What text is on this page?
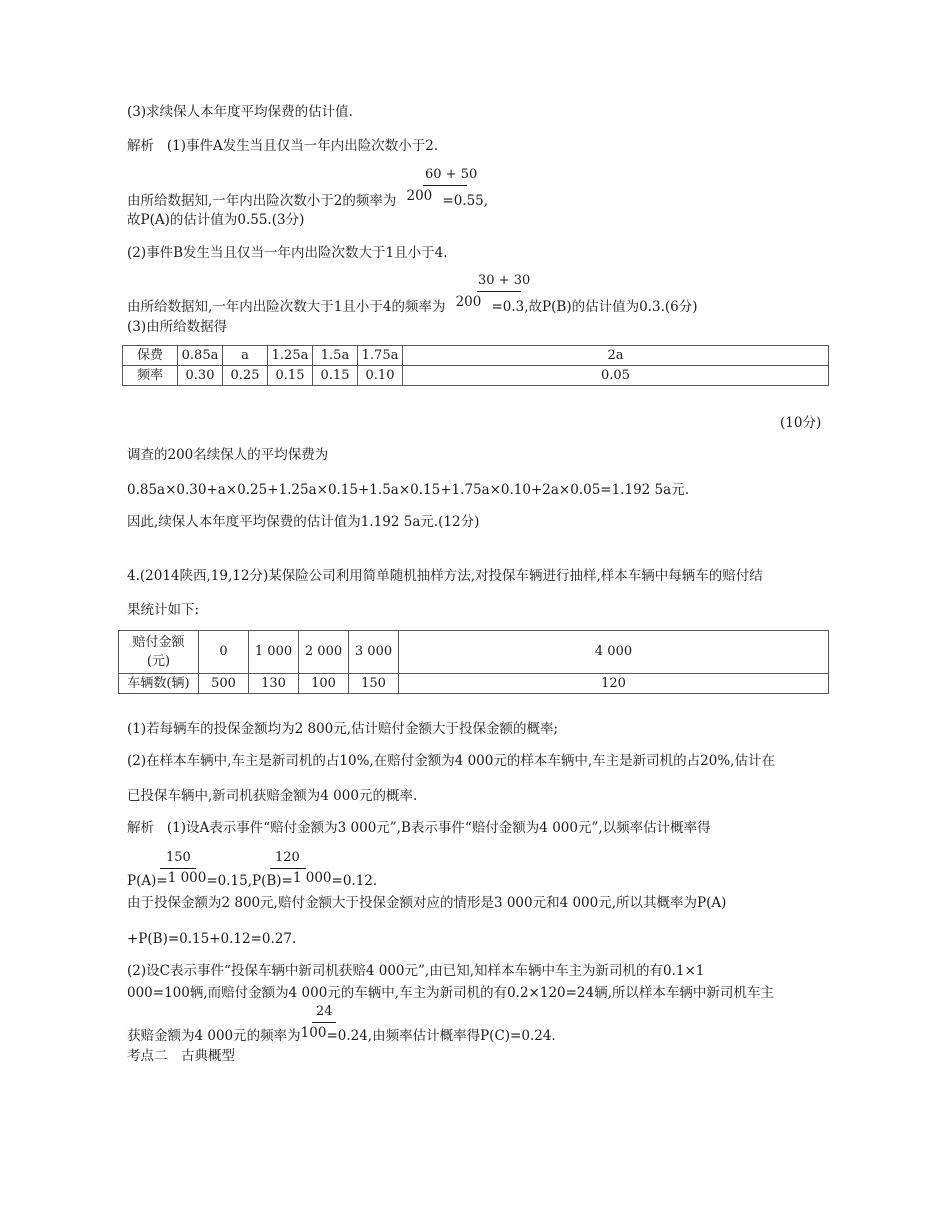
(3)求续保人本年度平均保费的估计值.
解析 (1)事件A发生当且仅当一年内出险次数小于2.
60 + 50
由所给数据知,一年内出险次数小于2的频率为 200 =0.55,
故P(A)的估计值为0.55.(3分)
(2)事件B发生当且仅当一年内出险次数大于1且小于4.
30 + 30
由所给数据知,一年内出险次数大于1且小于4的频率为 200 =0.3,故P(B)的估计值为0.3.(6分)
(3)由所给数据得
保费	0.85a	a	1.25a	1.5a	1.75a	2a
频率	0.30	0.25	0.15	0.15	0.10	0.05
(10分)
调查的200名续保人的平均保费为
0.85a×0.30+a×0.25+1.25a×0.15+1.5a×0.15+1.75a×0.10+2a×0.05=1.192 5a元.
因此,续保人本年度平均保费的估计值为1.192 5a元.(12分)
4.(2014陕西,19,12分)某保险公司利用简单随机抽样方法,对投保车辆进行抽样,样本车辆中每辆车的赔付结
果统计如下:
赔付金额
(元)	0	1 000	2 000	3 000	4 000
车辆数(辆)	500	130	100	150	120
(1)若每辆车的投保金额均为2 800元,估计赔付金额大于投保金额的概率;
(2)在样本车辆中,车主是新司机的占10%,在赔付金额为4 000元的样本车辆中,车主是新司机的占20%,估计在
已投保车辆中,新司机获赔金额为4 000元的概率.
解析 (1)设A表示事件“赔付金额为3 000元”,B表示事件“赔付金额为4 000元”,以频率估计概率得
150	120
P(A)=1 000=0.15,P(B)=1 000=0.12.
由于投保金额为2 800元,赔付金额大于投保金额对应的情形是3 000元和4 000元,所以其概率为P(A)
+P(B)=0.15+0.12=0.27.
(2)设C表示事件“投保车辆中新司机获赔4 000元”,由已知,知样本车辆中车主为新司机的有0.1×1
000=100辆,而赔付金额为4 000元的车辆中,车主为新司机的有0.2×120=24辆,所以样本车辆中新司机车主
24
获赔金额为4 000元的频率为100=0.24,由频率估计概率得P(C)=0.24.
考点二　古典概型
